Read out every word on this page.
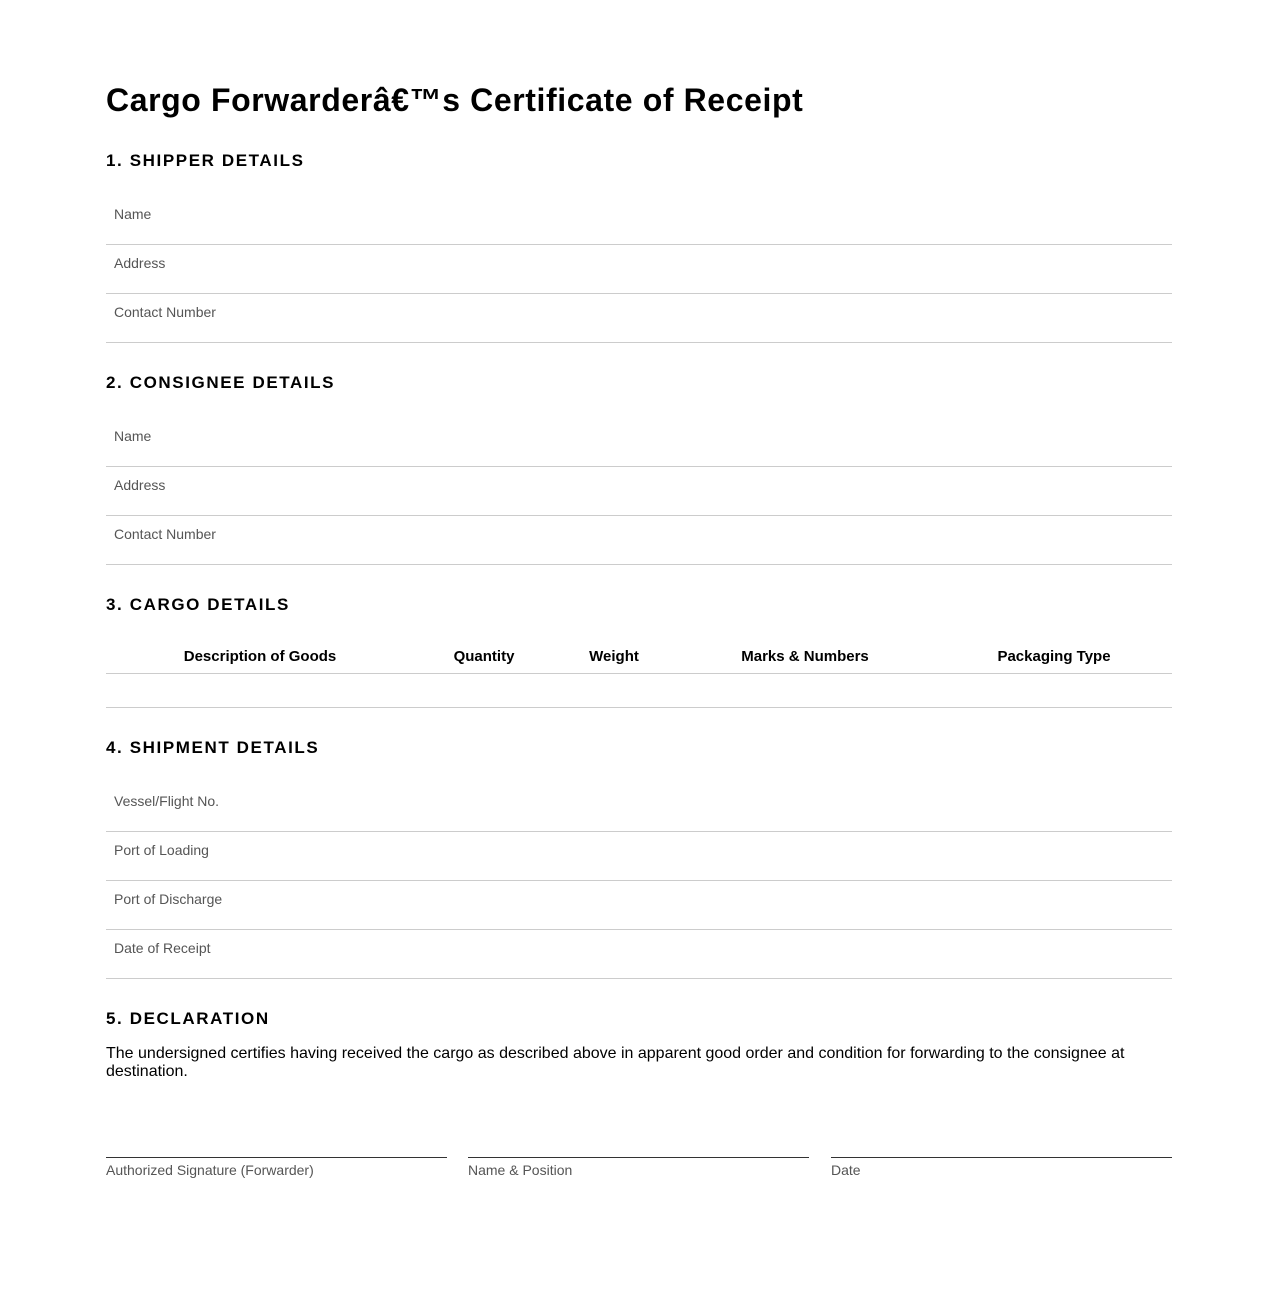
Cargo Forwarderâ€™s Certificate of Receipt
1. SHIPPER DETAILS
Name
Address
Contact Number
2. CONSIGNEE DETAILS
Name
Address
Contact Number
3. CARGO DETAILS
Description of Goods	Quantity	Weight	Marks & Numbers	Packaging Type
4. SHIPMENT DETAILS
Vessel/Flight No.
Port of Loading
Port of Discharge
Date of Receipt
5. DECLARATION

The undersigned certifies having received the cargo as described above in apparent good order and condition for forwarding to the consignee at destination.

Authorized Signature (Forwarder)	Name & Position	Date
